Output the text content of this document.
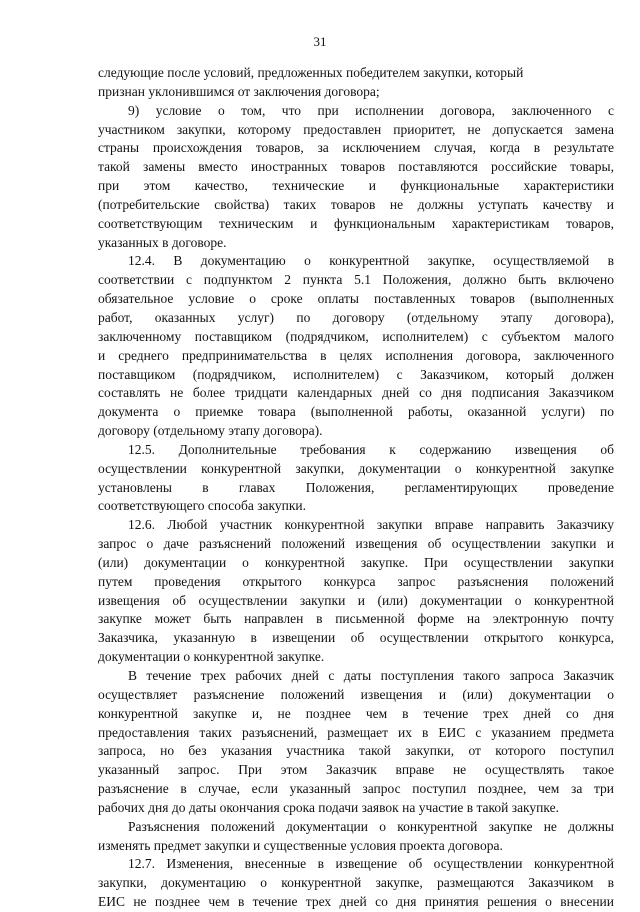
31
следующие после условий, предложенных победителем закупки, который
признан уклонившимся от заключения договора;
9) условие о том, что при исполнении договора, заключенного с
участником закупки, которому предоставлен приоритет, не допускается замена
страны происхождения товаров, за исключением случая, когда в результате
такой замены вместо иностранных товаров поставляются российские товары,
при этом качество, технические и функциональные характеристики
(потребительские свойства) таких товаров не должны уступать качеству и
соответствующим техническим и функциональным характеристикам товаров,
указанных в договоре.
12.4. В документацию о конкурентной закупке, осуществляемой в
соответствии с подпунктом 2 пункта 5.1 Положения, должно быть включено
обязательное условие о сроке оплаты поставленных товаров (выполненных
работ, оказанных услуг) по договору (отдельному этапу договора),
заключенному поставщиком (подрядчиком, исполнителем) с субъектом малого
и среднего предпринимательства в целях исполнения договора, заключенного
поставщиком (подрядчиком, исполнителем) с Заказчиком, который должен
составлять не более тридцати календарных дней со дня подписания Заказчиком
документа о приемке товара (выполненной работы, оказанной услуги) по
договору (отдельному этапу договора).
12.5. Дополнительные требования к содержанию извещения об
осуществлении конкурентной закупки, документации о конкурентной закупке
установлены в главах Положения, регламентирующих проведение
соответствующего способа закупки.
12.6. Любой участник конкурентной закупки вправе направить Заказчику
запрос о даче разъяснений положений извещения об осуществлении закупки и
(или) документации о конкурентной закупке. При осуществлении закупки
путем проведения открытого конкурса запрос разъяснения положений
извещения об осуществлении закупки и (или) документации о конкурентной
закупке может быть направлен в письменной форме на электронную почту
Заказчика, указанную в извещении об осуществлении открытого конкурса,
документации о конкурентной закупке.
В течение трех рабочих дней с даты поступления такого запроса Заказчик
осуществляет разъяснение положений извещения и (или) документации о
конкурентной закупке и, не позднее чем в течение трех дней со дня
предоставления таких разъяснений, размещает их в ЕИС с указанием предмета
запроса, но без указания участника такой закупки, от которого поступил
указанный запрос. При этом Заказчик вправе не осуществлять такое
разъяснение в случае, если указанный запрос поступил позднее, чем за три
рабочих дня до даты окончания срока подачи заявок на участие в такой закупке.
Разъяснения положений документации о конкурентной закупке не должны
изменять предмет закупки и существенные условия проекта договора.
12.7. Изменения, внесенные в извещение об осуществлении конкурентной
закупки, документацию о конкурентной закупке, размещаются Заказчиком в
ЕИС не позднее чем в течение трех дней со дня принятия решения о внесении
